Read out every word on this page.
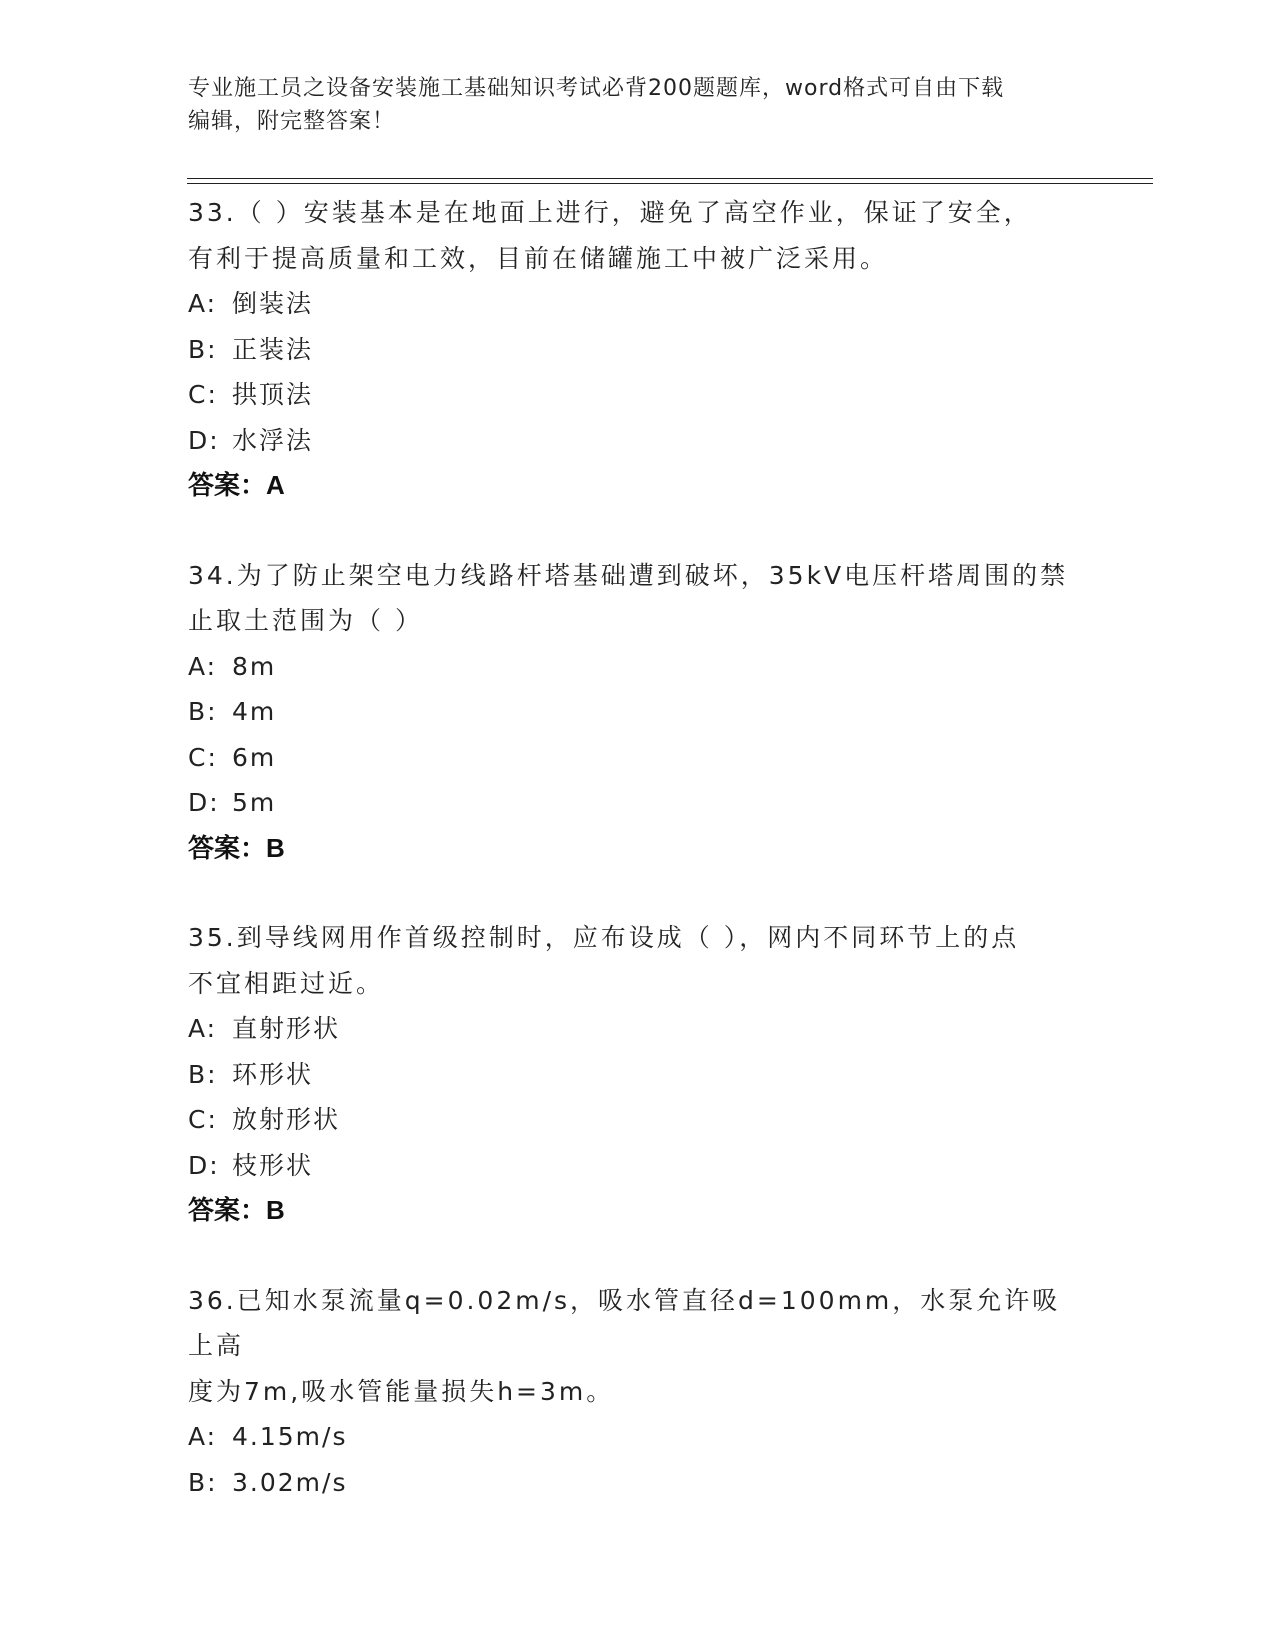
专业施工员之设备安装施工基础知识考试必背200题题库，word格式可自由下载
编辑，附完整答案！
33.（ ）安装基本是在地面上进行，避免了高空作业，保证了安全，
有利于提高质量和工效，目前在储罐施工中被广泛采用。
A: 倒装法
B: 正装法
C: 拱顶法
D: 水浮法
答案：A
34.为了防止架空电力线路杆塔基础遭到破坏，35kV电压杆塔周围的禁
止取土范围为（ ）
A: 8m
B: 4m
C: 6m
D: 5m
答案：B
35.到导线网用作首级控制时，应布设成（ ），网内不同环节上的点
不宜相距过近。
A: 直射形状
B: 环形状
C: 放射形状
D: 枝形状
答案：B
36.已知水泵流量q=0.02m/s，吸水管直径d=100mm，水泵允许吸上高
度为7m,吸水管能量损失h=3m。
A: 4.15m/s
B: 3.02m/s
